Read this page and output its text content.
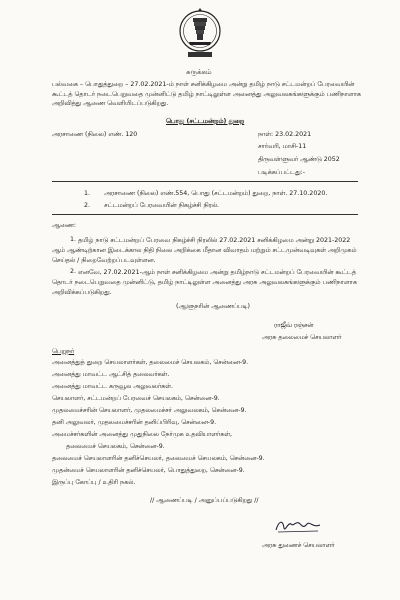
சுருக்கம்
பல்வகை – பொதுத்துறை – 27.02.2021-ம் நாள் சனிக்கிழமை அன்று தமிழ் நாடு சட்டமன்றப் பேரவையின் கூட்டத் தொடர் நடைபெறுவதை முன்னிட்டு தமிழ் நாட்டிலுள்ள அனைத்து அலுவலகங்களுக்கும் பணிநாளாக அறிவித்து ஆணை வெளியிடப்படுகிறது.
பொது (சட்டமன்றம்) துறை
அரசாணை (நிலை) எண். 120	நாள்: 23.02.2021
சார்வரி, மாசி-11
திருவள்ளுவர் ஆண்டு 2052
படிக்கப்பட்டது:-
1. அரசாணை (நிலை) எண்.554, பொது (சட்டமன்றம்) துறை, நாள். 27.10.2020.
2. சட்டமன்றப் பேரவையின் நிகழ்ச்சி நிரல்.
ஆணை:
1. தமிழ் நாடு சட்டமன்றப் பேரவை நிகழ்ச்சி நிரலில் 27.02.2021 சனிக்கிழமை அன்று 2021-2022 ஆம் ஆண்டிற்கான இடைக்கால நிதி நிலை அறிக்கை மீதான விவாதம் மற்றும் சட்டமுன்வடிவுகள் அறிமுகம் செய்தல் / நிறைவேற்றப்படவுள்ளன.
2. எனவே, 27.02.2021-ஆம் நாள் சனிக்கிழமை அன்று தமிழ்நாடு சட்டமன்றப் பேரவையின் கூட்டத் தொடர் நடைபெறுவதை முன்னிட்டு, தமிழ் நாட்டிலுள்ள அனைத்து அரசு அலுவலகங்களுக்கும் பணிநாளாக அறிவிக்கப்படுகிறது.
(ஆளுநரின் ஆணைப்படி)
ராஜீவ் ரஞ்சன்
அரசு தலைமைச் செயலாளர்
பெறுநர்
அனைத்துத் துறை செயலாளர்கள், தலைமைச் செயலகம், சென்னை-9.
அனைத்து மாவட்ட ஆட்சித் தலைவர்கள்.
அனைத்து மாவட்ட கருவூல அலுவலர்கள்.
செயலாளர், சட்டமன்றப் பேரவைச் செயலகம், சென்னை-9.
முதலமைச்சரின் செயலாளர், முதலமைச்சர் அலுவலகம், சென்னை-9.
தனி அலுவலர், முதலமைச்சரின் தனிப்பிரிவு, சென்னை-9.
அமைச்சர்களின் அனைத்து முதுநிலை நேர்முக உதவியாளர்கள்,
தலைமைச் செயலகம், சென்னை-9.
தலைமைச் செயலாளரின் தனிச்செயலர், தலைமைச் செயலகம், சென்னை-9.
முதன்மைச் செயலாளரின் தனிச்செயலர், பொதுத்துறை, சென்னை-9.
இருப்பு கோப்பு / உதிரி நகல்.
// ஆணைப்படி / அனுப்பப்படுகிறது //
அரசு துணைச் செயலாளர்
